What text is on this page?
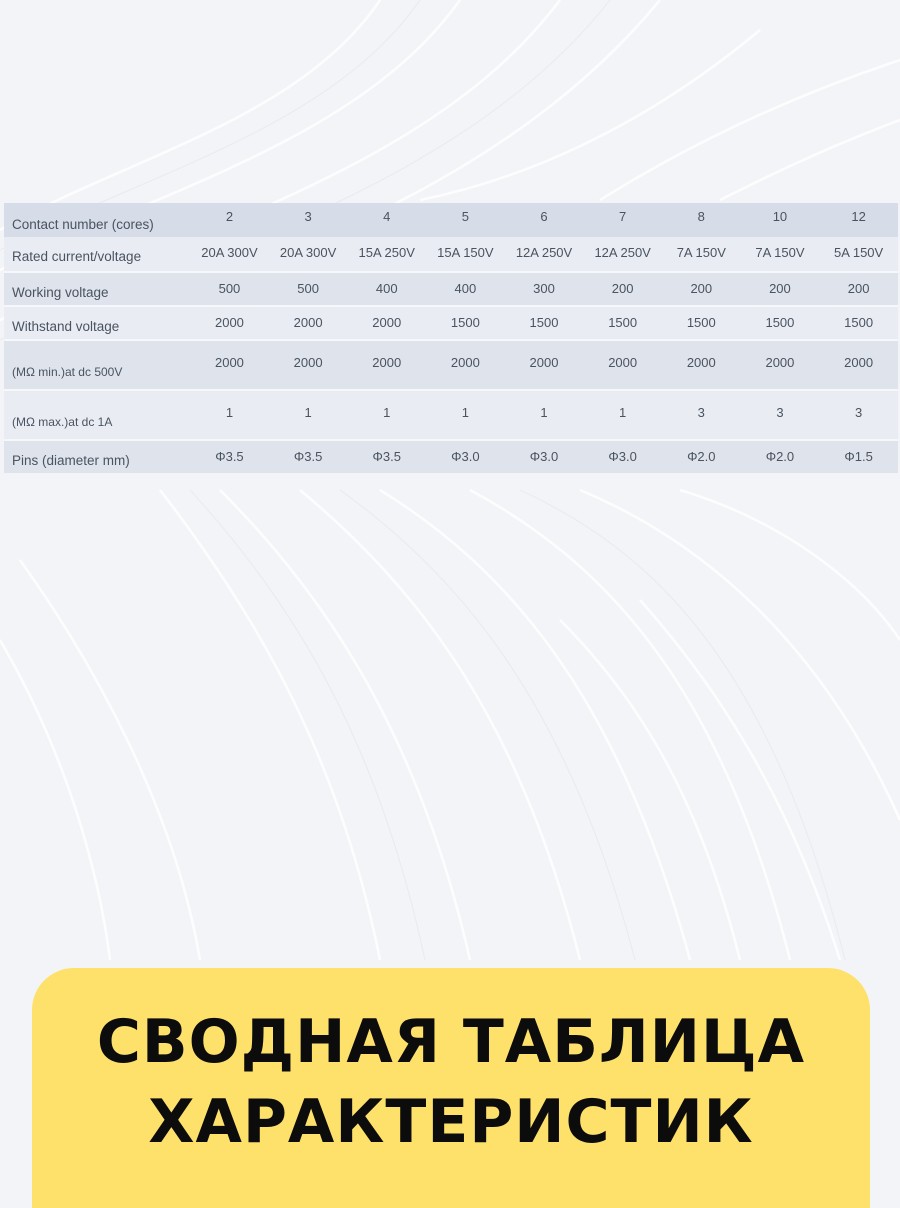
Contact number (cores)	2	3	4	5	6	7	8	10	12
Rated current/voltage	20A 300V	20A 300V	15A 250V	15A 150V	12A 250V	12A 250V	7A 150V	7A 150V	5A 150V
Working voltage	500	500	400	400	300	200	200	200	200
Withstand voltage	2000	2000	2000	1500	1500	1500	1500	1500	1500
(MΩ min.)at dc 500V	2000	2000	2000	2000	2000	2000	2000	2000	2000
(MΩ max.)at dc 1A	1	1	1	1	1	1	3	3	3
Pins (diameter mm)	Φ3.5	Φ3.5	Φ3.5	Φ3.0	Φ3.0	Φ3.0	Φ2.0	Φ2.0	Φ1.5
СВОДНАЯ ТАБЛИЦА
ХАРАКТЕРИСТИК
